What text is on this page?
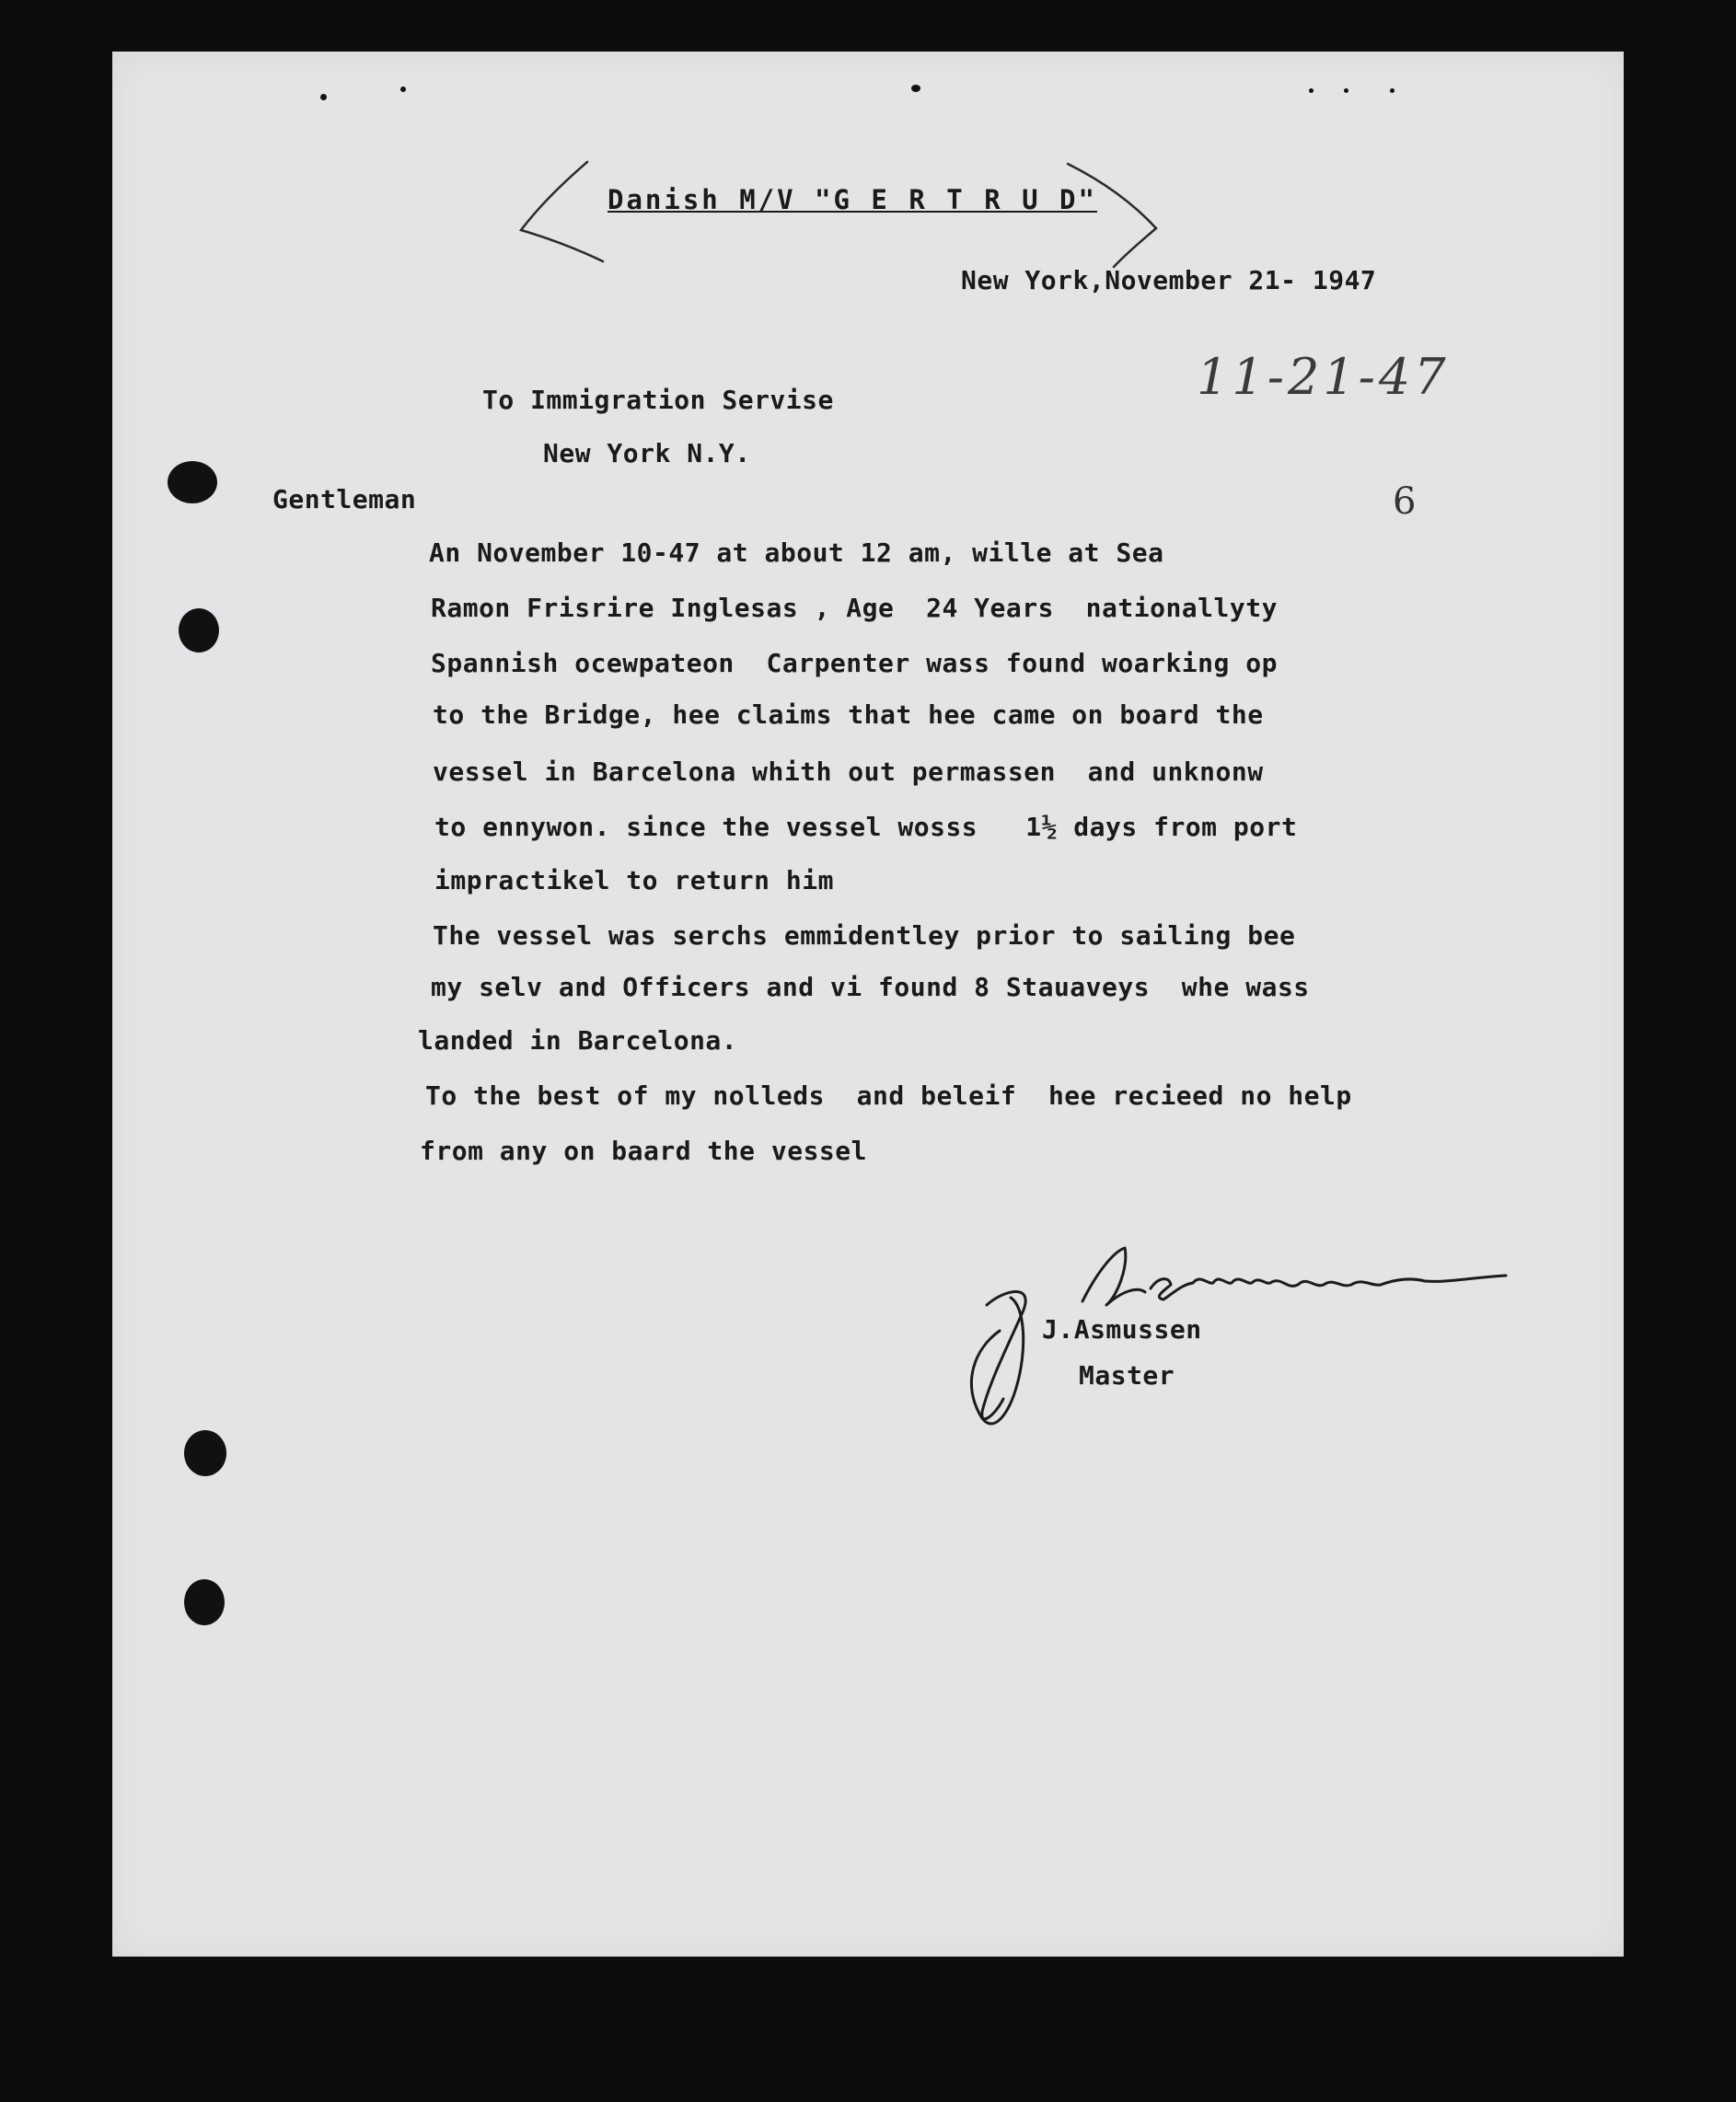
Danish M/V "G E R T R U D"
New York,November 21- 1947
11-21-47
To Immigration Servise
New York N.Y.
Gentleman	6
An November 10-47 at about 12 am, wille at Sea
Ramon Frisrire Inglesas , Age  24 Years  nationallyty
Spannish ocewpateon  Carpenter wass found woarking op
to the Bridge, hee claims that hee came on board the
vessel in Barcelona whith out permassen  and unknonw
to ennywon. since the vessel wosss   1½ days from port
impractikel to return him
The vessel was serchs emmidentley prior to sailing bee
my selv and Officers and vi found 8 Stauaveys  whe wass
landed in Barcelona.
To the best of my nolleds  and beleif  hee recieed no help
from any on baard the vessel
J.Asmussen
Master
